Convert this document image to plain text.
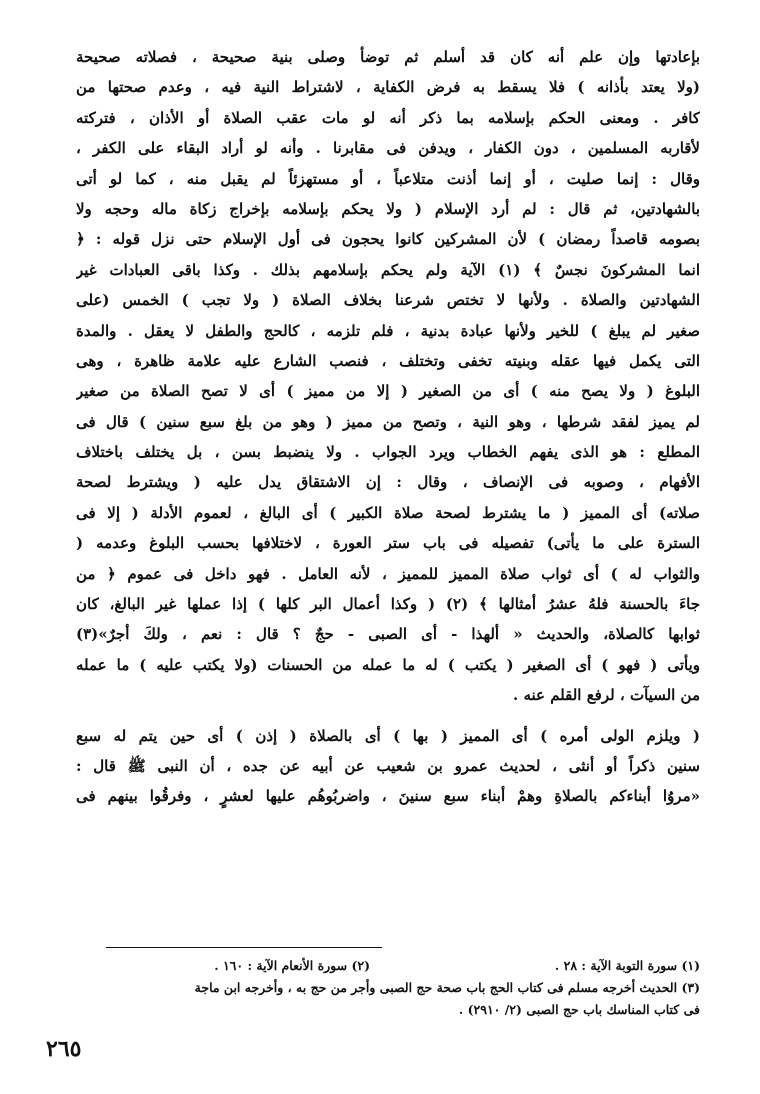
بإعادتها وإن علم أنه كان قد أسلم ثم توضأ وصلى بنية صحيحة ، فصلاته صحيحة
(ولا يعتد بأذانه ) فلا يسقط به فرض الكفاية ، لاشتراط النية فيه ، وعدم صحتها من
كافر . ومعنى الحكم بإسلامه بما ذكر أنه لو مات عقب الصلاة أو الأذان ، فتركته
لأقاربه المسلمين ، دون الكفار ، ويدفن فى مقابرنا . وأنه لو أراد البقاء على الكفر ،
وقال : إنما صليت ، أو إنما أذنت متلاعباً ، أو مستهزئاً لم يقبل منه ، كما لو أتى
بالشهادتين، ثم قال : لم أرد الإسلام ( ولا يحكم بإسلامه بإخراج زكاة ماله وحجه ولا
بصومه قاصداً رمضان ) لأن المشركين كانوا يحجون فى أول الإسلام حتى نزل قوله : ﴿
انما المشركونَ نجسٌ ﴾ (١) الآية ولم يحكم بإسلامهم بذلك . وكذا باقى العبادات غير
الشهادتين والصلاة . ولأنها لا تختص شرعنا بخلاف الصلاة ( ولا تجب ) الخمس (على
صغير لم يبلغ ) للخير ولأنها عبادة بدنية ، فلم تلزمه ، كالحج والطفل لا يعقل . والمدة
التى يكمل فيها عقله وبنيته تخفى وتختلف ، فنصب الشارع عليه علامة ظاهرة ، وهى
البلوغ ( ولا يصح منه ) أى من الصغير ( إلا من مميز ) أى لا تصح الصلاة من صغير
لم يميز لفقد شرطها ، وهو النية ، وتصح من مميز ( وهو من بلغ سبع سنين ) قال فى
المطلع : هو الذى يفهم الخطاب ويرد الجواب . ولا ينضبط بسن ، بل يختلف باختلاف
الأفهام ، وصوبه فى الإنصاف ، وقال : إن الاشتقاق يدل عليه ( ويشترط لصحة
صلاته) أى المميز ( ما يشترط لصحة صلاة الكبير ) أى البالغ ، لعموم الأدلة ( إلا فى
السترة على ما يأتى) تفصيله فى باب ستر العورة ، لاختلافها بحسب البلوغ وعدمه (
والثواب له ) أى ثواب صلاة المميز للمميز ، لأنه العامل . فهو داخل فى عموم ﴿ من
جاءَ بالحسنة فلهُ عشرُ أمثالها ﴾ (٢) ( وكذا أعمال البر كلها ) إذا عملها غير البالغ، كان
ثوابها كالصلاة، والحديث « ألهذا - أى الصبى - حجٌ ؟ قال : نعم ، ولكَ أجرٌ»(٣)
ويأتى ( فهو ) أى الصغير ( يكتب ) له ما عمله من الحسنات (ولا يكتب عليه ) ما عمله
من السيآت ، لرفع القلم عنه .
( ويلزم الولى أمره ) أى المميز ( بها ) أى بالصلاة ( إذن ) أى حين يتم له سبع
سنين ذكراً أو أنثى ، لحديث عمرو بن شعيب عن أبيه عن جده ، أن النبى ﷺ قال :
«مروُا أبناءكم بالصلاةِ وهمْ أبناء سبع سنينَ ، واضربُوهُم عليها لعشرٍ ، وفرقُوا بينهم فى
(١) سورة التوبة الآية : ٢٨ .
(٢) سورة الأنعام الآية : ١٦٠ .
(٣) الحديث أخرجه مسلم فى كتاب الحج باب صحة حج الصبى وأجر من حج به ، وأخرجه ابن ماجة
فى كتاب المناسك باب حج الصبى (٢/ ٢٩١٠) .
٢٦٥
